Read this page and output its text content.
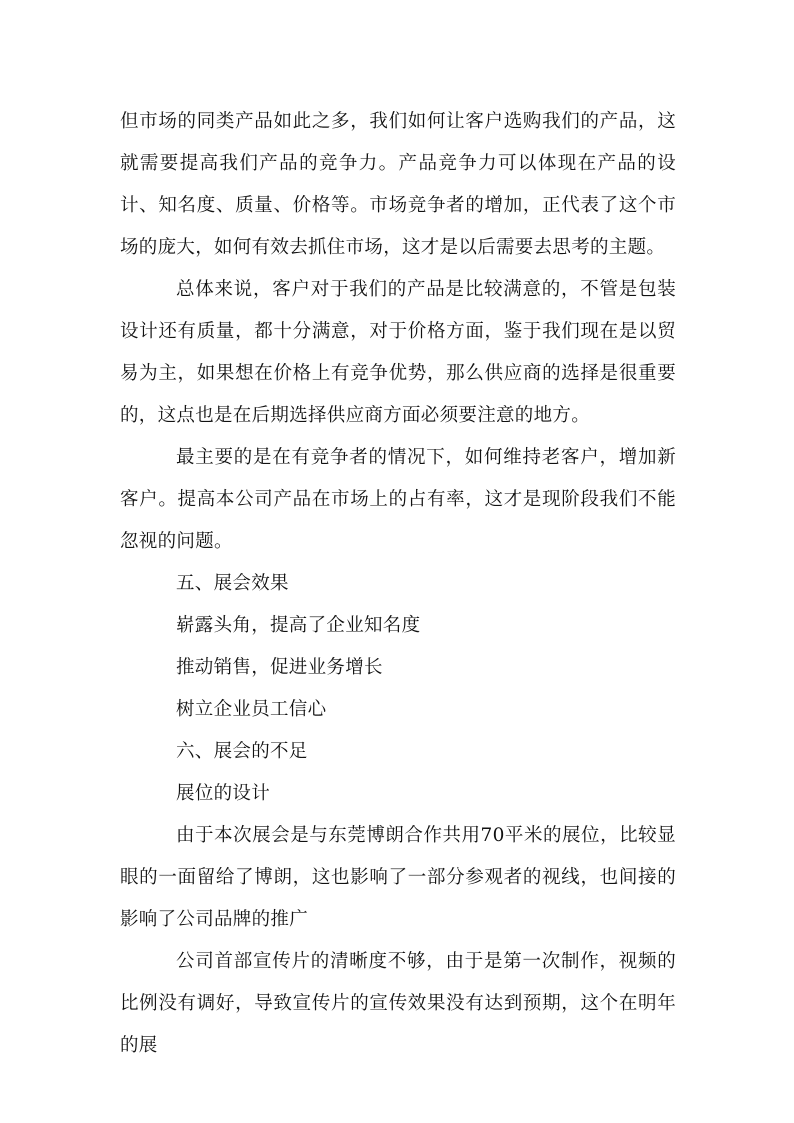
但市场的同类产品如此之多，我们如何让客户选购我们的产品，这就需要提高我们产品的竞争力。产品竞争力可以体现在产品的设计、知名度、质量、价格等。市场竞争者的增加，正代表了这个市场的庞大，如何有效去抓住市场，这才是以后需要去思考的主题。

总体来说，客户对于我们的产品是比较满意的，不管是包装设计还有质量，都十分满意，对于价格方面，鉴于我们现在是以贸易为主，如果想在价格上有竞争优势，那么供应商的选择是很重要的，这点也是在后期选择供应商方面必须要注意的地方。

最主要的是在有竞争者的情况下，如何维持老客户，增加新客户。提高本公司产品在市场上的占有率，这才是现阶段我们不能忽视的问题。

五、展会效果

崭露头角，提高了企业知名度

推动销售，促进业务增长

树立企业员工信心

六、展会的不足

展位的设计

由于本次展会是与东莞博朗合作共用70平米的展位，比较显眼的一面留给了博朗，这也影响了一部分参观者的视线，也间接的影响了公司品牌的推广

公司首部宣传片的清晰度不够，由于是第一次制作，视频的比例没有调好，导致宣传片的宣传效果没有达到预期，这个在明年的展
